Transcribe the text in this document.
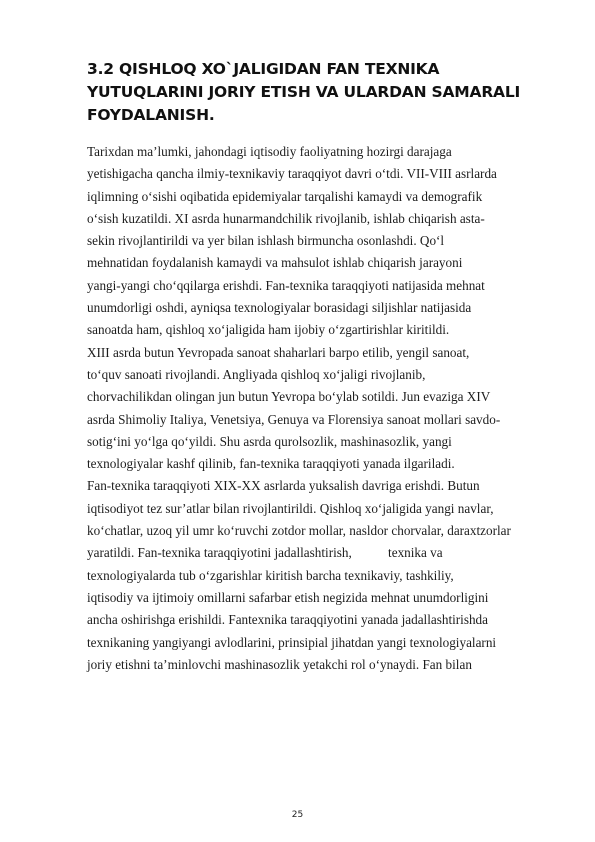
3.2 QISHLOQ XO`JALIGIDAN FAN TEXNIKA
YUTUQLARINI JORIY ETISH VA ULARDAN SAMARALI
FOYDALANISH.
Tarixdan ma’lumki, jahondagi iqtisodiy faoliyatning hozirgi darajaga
yetishigacha qancha ilmiy-texnikaviy taraqqiyot davri o‘tdi. VII-VIII asrlarda
iqlimning o‘sishi oqibatida epidemiyalar tarqalishi kamaydi va demografik
o‘sish kuzatildi. XI asrda hunarmandchilik rivojlanib, ishlab chiqarish asta-
sekin rivojlantirildi va yer bilan ishlash birmuncha osonlashdi. Qo‘l
mehnatidan foydalanish kamaydi va mahsulot ishlab chiqarish jarayoni
yangi-yangi cho‘qqilarga erishdi. Fan-texnika taraqqiyoti natijasida mehnat
unumdorligi oshdi, ayniqsa texnologiyalar borasidagi siljishlar natijasida
sanoatda ham, qishloq xo‘jaligida ham ijobiy o‘zgartirishlar kiritildi.
XIII asrda butun Yevropada sanoat shaharlari barpo etilib, yengil sanoat,
to‘quv sanoati rivojlandi. Angliyada qishloq xo‘jaligi rivojlanib,
chorvachilikdan olingan jun butun Yevropa bo‘ylab sotildi. Jun evaziga XIV
asrda Shimoliy Italiya, Venetsiya, Genuya va Florensiya sanoat mollari savdo-
sotig‘ini yo‘lga qo‘yildi. Shu asrda qurolsozlik, mashinasozlik, yangi
texnologiyalar kashf qilinib, fan-texnika taraqqiyoti yanada ilgariladi.
Fan-texnika taraqqiyoti XIX-XX asrlarda yuksalish davriga erishdi. Butun
iqtisodiyot tez sur’atlar bilan rivojlantirildi. Qishloq xo‘jaligida yangi navlar,
ko‘chatlar, uzoq yil umr ko‘ruvchi zotdor mollar, nasldor chorvalar, daraxtzorlar
yaratildi. Fan-texnika taraqqiyotini jadallashtirish,           texnika va
texnologiyalarda tub o‘zgarishlar kiritish barcha texnikaviy, tashkiliy,
iqtisodiy va ijtimoiy omillarni safarbar etish negizida mehnat unumdorligini
ancha oshirishga erishildi. Fantexnika taraqqiyotini yanada jadallashtirishda
texnikaning yangiyangi avlodlarini, prinsipial jihatdan yangi texnologiyalarni
joriy etishni ta’minlovchi mashinasozlik yetakchi rol o‘ynaydi. Fan bilan
25
